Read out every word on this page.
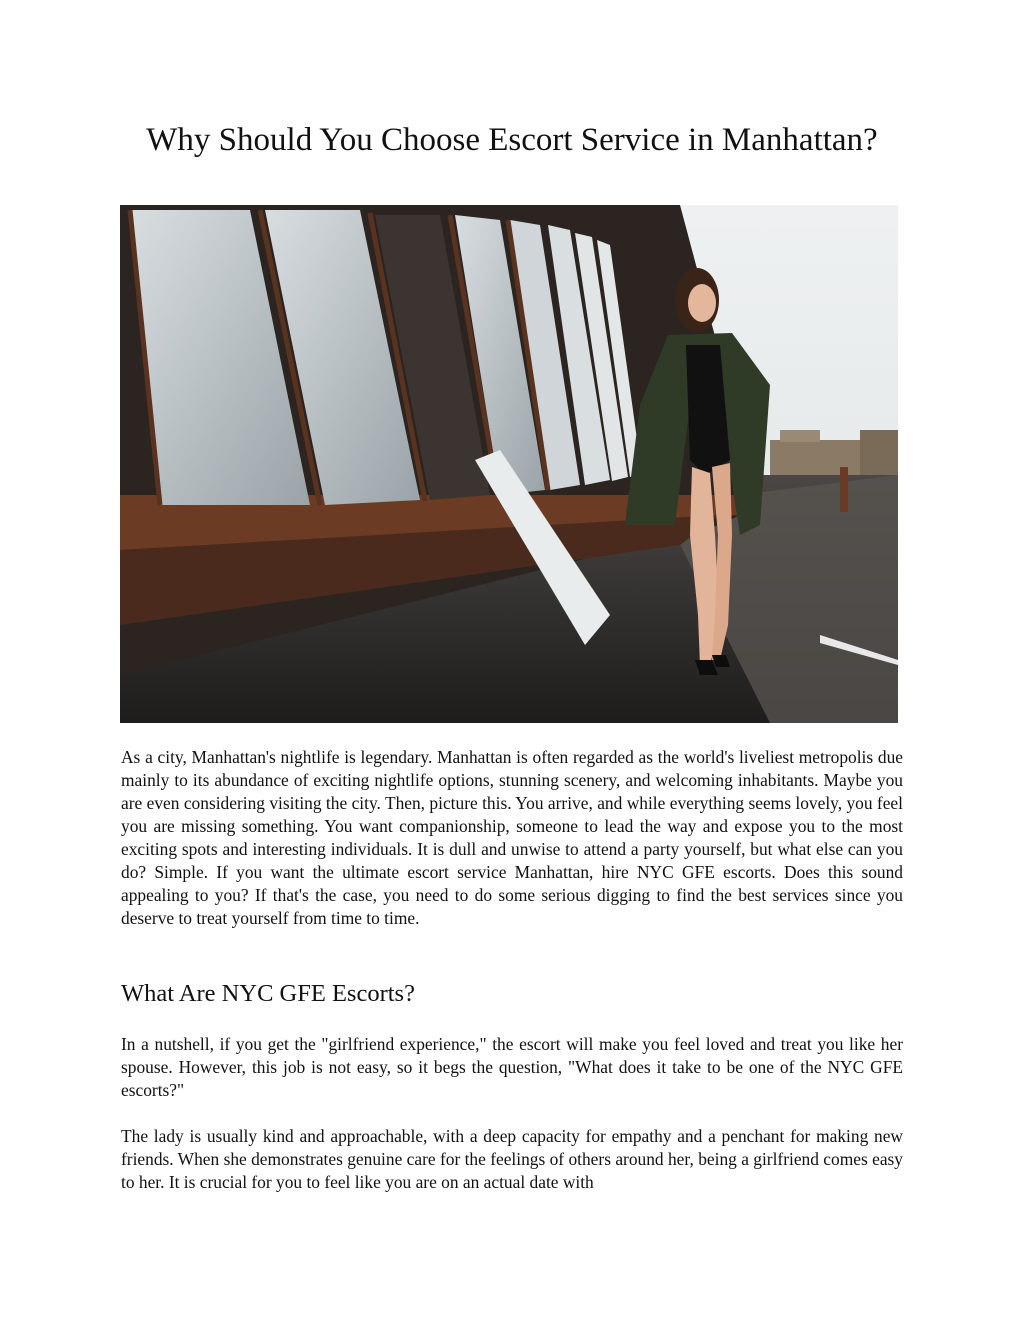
Why Should You Choose Escort Service in Manhattan?

As a city, Manhattan's nightlife is legendary. Manhattan is often regarded as the world's liveliest metropolis due mainly to its abundance of exciting nightlife options, stunning scenery, and welcoming inhabitants. Maybe you are even considering visiting the city. Then, picture this. You arrive, and while everything seems lovely, you feel you are missing something. You want companionship, someone to lead the way and expose you to the most exciting spots and interesting individuals. It is dull and unwise to attend a party yourself, but what else can you do? Simple. If you want the ultimate escort service Manhattan, hire NYC GFE escorts. Does this sound appealing to you? If that's the case, you need to do some serious digging to find the best services since you deserve to treat yourself from time to time.

What Are NYC GFE Escorts?

In a nutshell, if you get the "girlfriend experience," the escort will make you feel loved and treat you like her spouse. However, this job is not easy, so it begs the question, "What does it take to be one of the NYC GFE escorts?"

The lady is usually kind and approachable, with a deep capacity for empathy and a penchant for making new friends. When she demonstrates genuine care for the feelings of others around her, being a girlfriend comes easy to her. It is crucial for you to feel like you are on an actual date with
